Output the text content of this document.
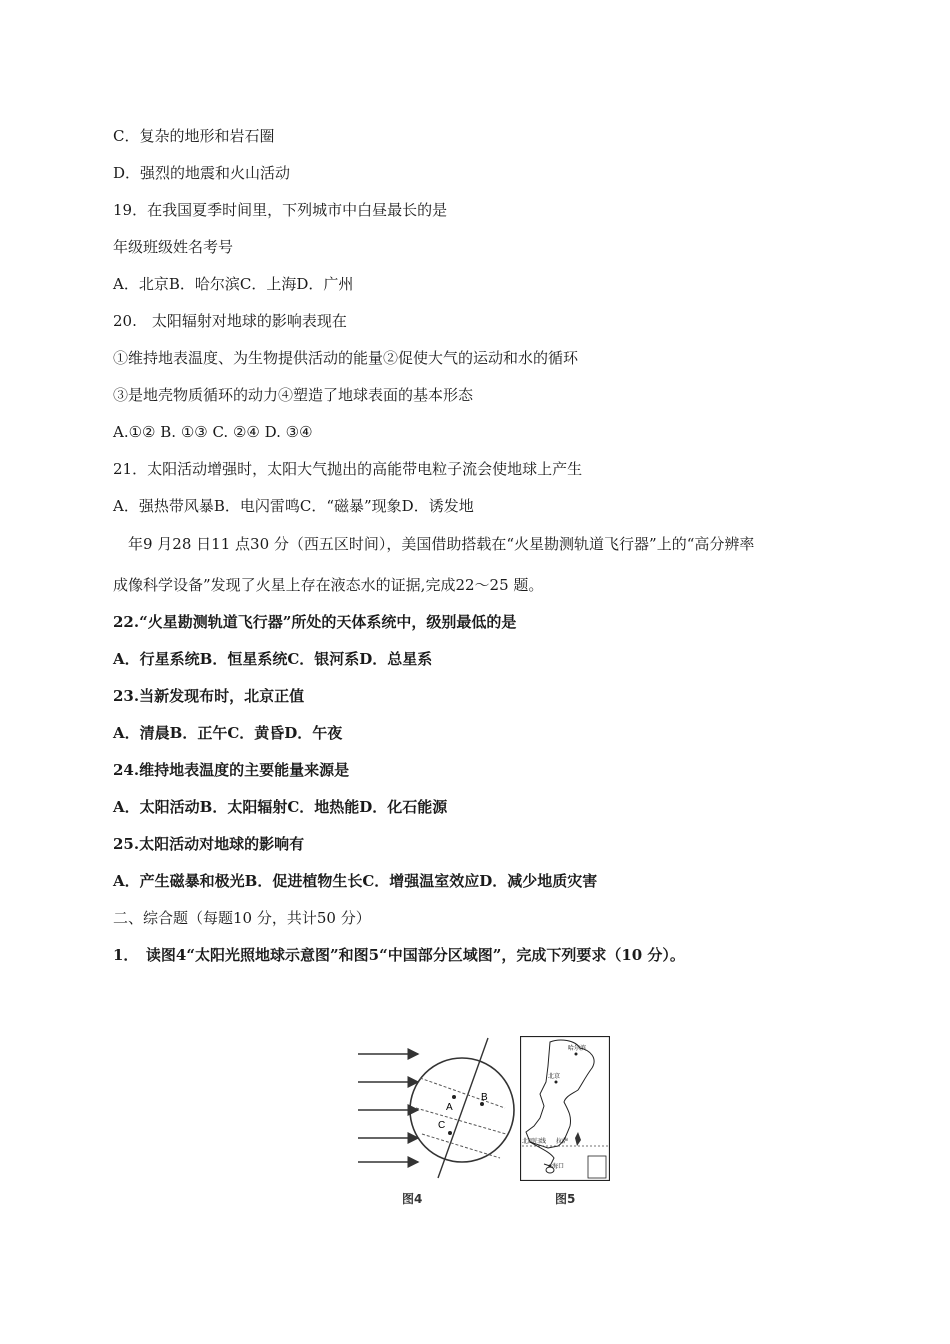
C．复杂的地形和岩石圈
D．强烈的地震和火山活动
19．在我国夏季时间里，下列城市中白昼最长的是
年级班级姓名考号
A．北京B．哈尔滨C．上海D．广州
20.　太阳辐射对地球的影响表现在
①维持地表温度、为生物提供活动的能量②促使大气的运动和水的循环
③是地壳物质循环的动力④塑造了地球表面的基本形态
A.①② B. ①③ C. ②④ D. ③④
21．太阳活动增强时，太阳大气抛出的高能带电粒子流会使地球上产生
A．强热带风暴B．电闪雷鸣C．“磁暴”现象D．诱发地
　年9 月28 日11 点30 分（西五区时间），美国借助搭载在“火星勘测轨道飞行器”上的“高分辨率
成像科学设备”发现了火星上存在液态水的证据,完成22～25 题。
22.“火星勘测轨道飞行器”所处的天体系统中，级别最低的是
A．行星系统B．恒星系统C．银河系D．总星系
23.当新发现布时，北京正值
A．清晨B．正午C．黄昏D．午夜
24.维持地表温度的主要能量来源是
A．太阳活动B．太阳辐射C．地热能D．化石能源
25.太阳活动对地球的影响有
A．产生磁暴和极光B．促进植物生长C．增强温室效应D．减少地质灾害
二、综合题（每题10 分，共计50 分）
1．　读图4“太阳光照地球示意图”和图5“中国部分区域图”，完成下列要求（10 分）。
A
B
C
哈尔滨
北京
北回归线 拉萨
海口
图4	图5
